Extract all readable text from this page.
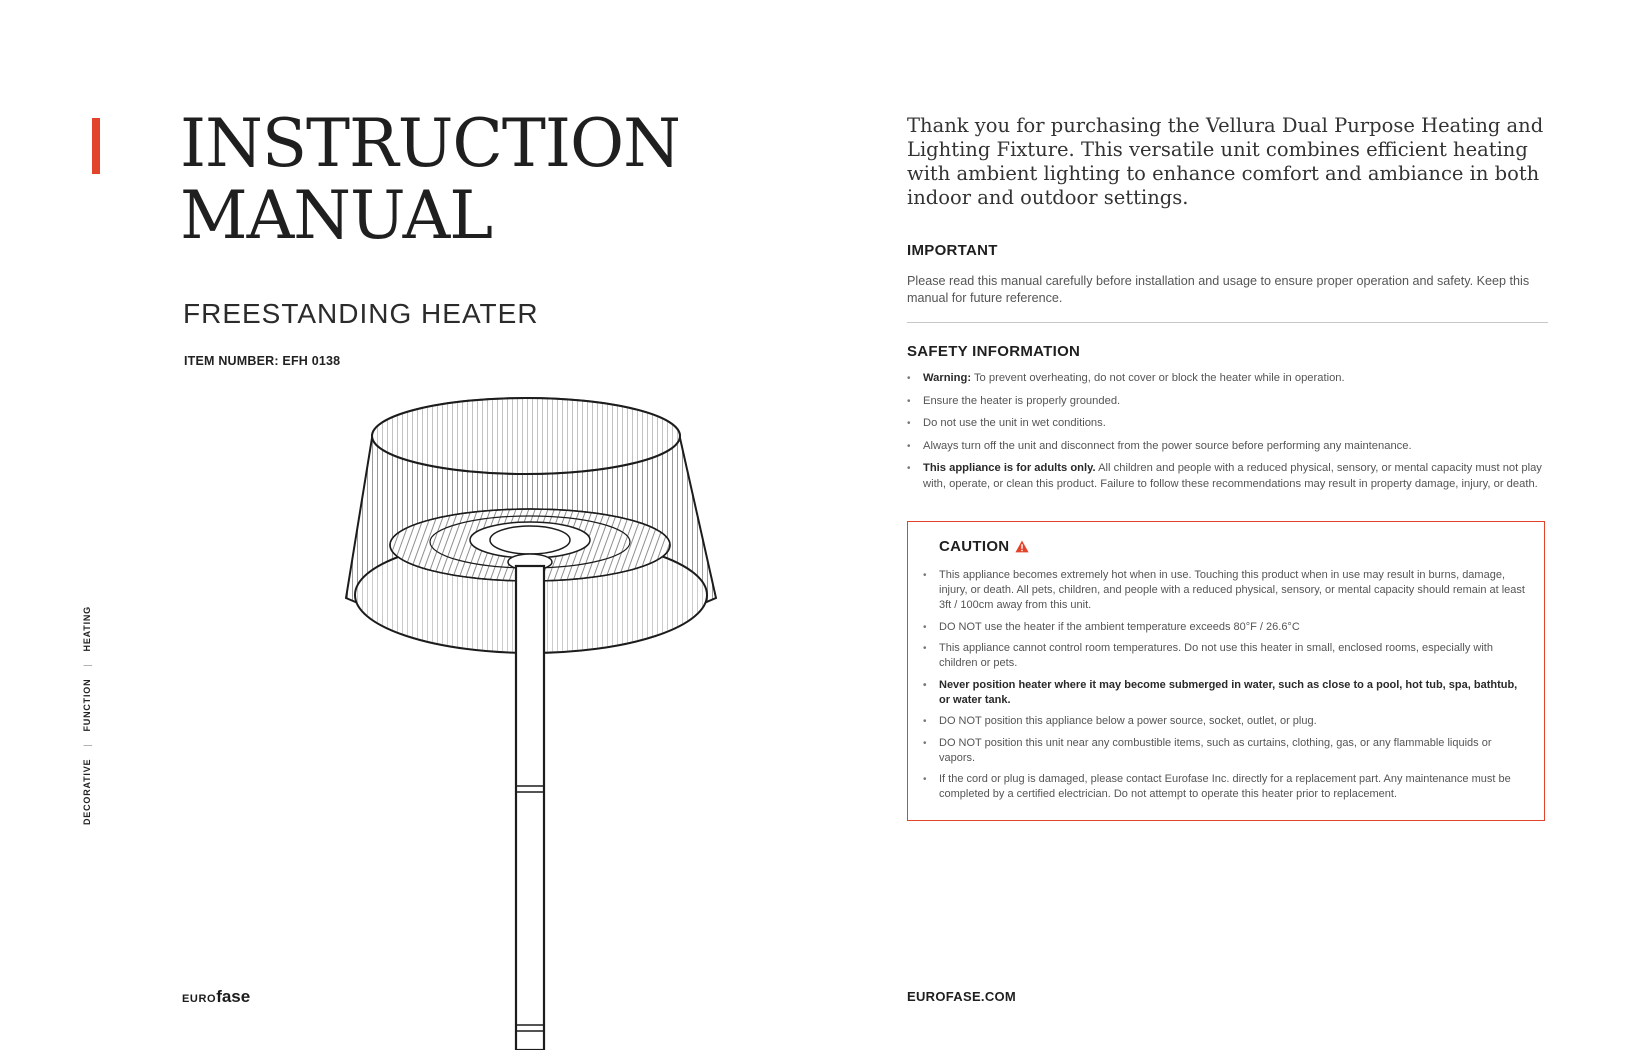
INSTRUCTION
MANUAL
FREESTANDING HEATER
ITEM NUMBER: EFH 0138
DECORATIVE|FUNCTION|HEATING
EUROfase

Thank you for purchasing the Vellura Dual Purpose Heating and Lighting Fixture. This versatile unit combines efficient heating with ambient lighting to enhance comfort and ambiance in both indoor and outdoor settings.

IMPORTANT

Please read this manual carefully before installation and usage to ensure proper operation and safety. Keep this manual for future reference.

SAFETY INFORMATION
• Warning: To prevent overheating, do not cover or block the heater while in operation.
• Ensure the heater is properly grounded.
• Do not use the unit in wet conditions.
• Always turn off the unit and disconnect from the power source before performing any maintenance.
• This appliance is for adults only. All children and people with a reduced physical, sensory, or mental capacity must not play with, operate, or clean this product. Failure to follow these recommendations may result in property damage, injury, or death.
CAUTION
• This appliance becomes extremely hot when in use. Touching this product when in use may result in burns, damage, injury, or death. All pets, children, and people with a reduced physical, sensory, or mental capacity should remain at least 3ft / 100cm away from this unit.
• DO NOT use the heater if the ambient temperature exceeds 80°F / 26.6°C
• This appliance cannot control room temperatures. Do not use this heater in small, enclosed rooms, especially with children or pets.
• Never position heater where it may become submerged in water, such as close to a pool, hot tub, spa, bathtub, or water tank.
• DO NOT position this appliance below a power source, socket, outlet, or plug.
• DO NOT position this unit near any combustible items, such as curtains, clothing, gas, or any flammable liquids or vapors.
• If the cord or plug is damaged, please contact Eurofase Inc. directly for a replacement part. Any maintenance must be completed by a certified electrician. Do not attempt to operate this heater prior to replacement.
EUROFASE.COM
